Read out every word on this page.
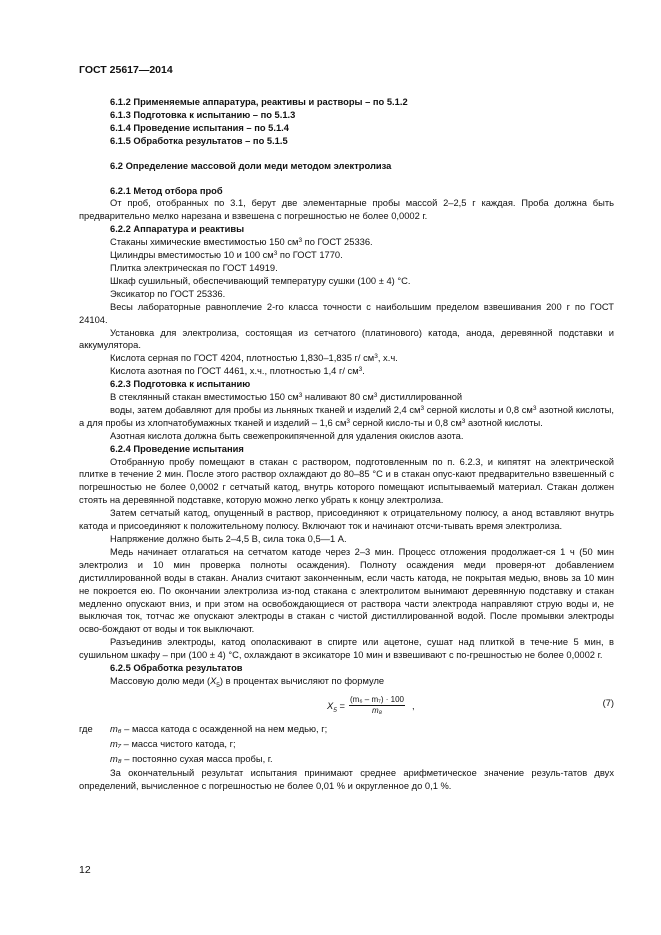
ГОСТ 25617—2014

6.1.2 Применяемые аппаратура, реактивы и растворы – по 5.1.2

6.1.3 Подготовка к испытанию – по 5.1.3

6.1.4 Проведение испытания – по 5.1.4

6.1.5 Обработка результатов – по 5.1.5

6.2 Определение массовой доли меди методом электролиза

6.2.1 Метод отбора проб

От проб, отобранных по 3.1, берут две элементарные пробы массой 2–2,5 г каждая. Проба должна быть предварительно мелко нарезана и взвешена с погрешностью не более 0,0002 г.

6.2.2 Аппаратура и реактивы

Стаканы химические вместимостью 150 $см^3$ по ГОСТ 25336.

Цилиндры вместимостью 10 и 100 $см^3$ по ГОСТ 1770.

Плитка электрическая по ГОСТ 14919.

Шкаф сушильный, обеспечивающий температуру сушки (100 ± 4) °С.

Эксикатор по ГОСТ 25336.

Весы лабораторные равноплечие 2-го класса точности с наибольшим пределом взвешивания 200 г по ГОСТ 24104.

Установка для электролиза, состоящая из сетчатого (платинового) катода, анода, деревянной подставки и аккумулятора.

Кислота серная по ГОСТ 4204, плотностью 1,830–1,835 г/ $см^3$, х.ч.

Кислота азотная по ГОСТ 4461, х.ч., плотностью 1,4 г/ $см^3$.

6.2.3 Подготовка к испытанию

В стеклянный стакан вместимостью 150 $см^3$ наливают 80 $см^3$ дистиллированной

воды, затем добавляют для пробы из льняных тканей и изделий 2,4 $см^3$ серной кислоты и 0,8 $см^3$ азотной кислоты, а для пробы из хлопчатобумажных тканей и изделий – 1,6 $см^3$ серной кисло-ты и 0,8 $см^3$ азотной кислоты.

Азотная кислота должна быть свежепрокипяченной для удаления окислов азота.

6.2.4 Проведение испытания

Отобранную пробу помещают в стакан с раствором, подготовленным по п. 6.2.3, и кипятят на электрической плитке в течение 2 мин. После этого раствор охлаждают до 80–85 °С и в стакан опус-кают предварительно взвешенный с погрешностью не более 0,0002 г сетчатый катод, внутрь которого помещают испытываемый материал. Стакан должен стоять на деревянной подставке, которую можно легко убрать к концу электролиза.

Затем сетчатый катод, опущенный в раствор, присоединяют к отрицательному полюсу, а анод вставляют внутрь катода и присоединяют к положительному полюсу. Включают ток и начинают отсчи-тывать время электролиза.

Напряжение должно быть 2–4,5 В, сила тока 0,5—1 А.

Медь начинает отлагаться на сетчатом катоде через 2–3 мин. Процесс отложения продолжает-ся 1 ч (50 мин электролиз и 10 мин проверка полноты осаждения). Полноту осаждения меди проверя-ют добавлением дистиллированной воды в стакан. Анализ считают законченным, если часть катода, не покрытая медью, вновь за 10 мин не покроется ею. По окончании электролиза из-под стакана с электролитом вынимают деревянную подставку и стакан медленно опускают вниз, и при этом на освобождающиеся от раствора части электрода направляют струю воды и, не выключая ток, тотчас же опускают электроды в стакан с чистой дистиллированной водой. После промывки электроды осво-бождают от воды и ток выключают.

Разъединив электроды, катод ополаскивают в спирте или ацетоне, сушат над плиткой в тече-ние 5 мин, в сушильном шкафу – при (100 ± 4) °С, охлаждают в эксикаторе 10 мин и взвешивают с по-грешностью не более 0,0002 г.

6.2.5 Обработка результатов

Массовую долю меди $(X_5)$ в процентах вычисляют по формуле

$X_5 = \frac{\text{(m₆ – m₇) · 100}}{\text{m₈}}$ ,	(7)
где m₆ – масса катода с осажденной на нем медью, г;
m₇ – масса чистого катода, г;
m₈ – постоянно сухая масса пробы, г.

За окончательный результат испытания принимают среднее арифметическое значение резуль-татов двух определений, вычисленное с погрешностью не более 0,01 % и округленное до 0,1 %.

12
